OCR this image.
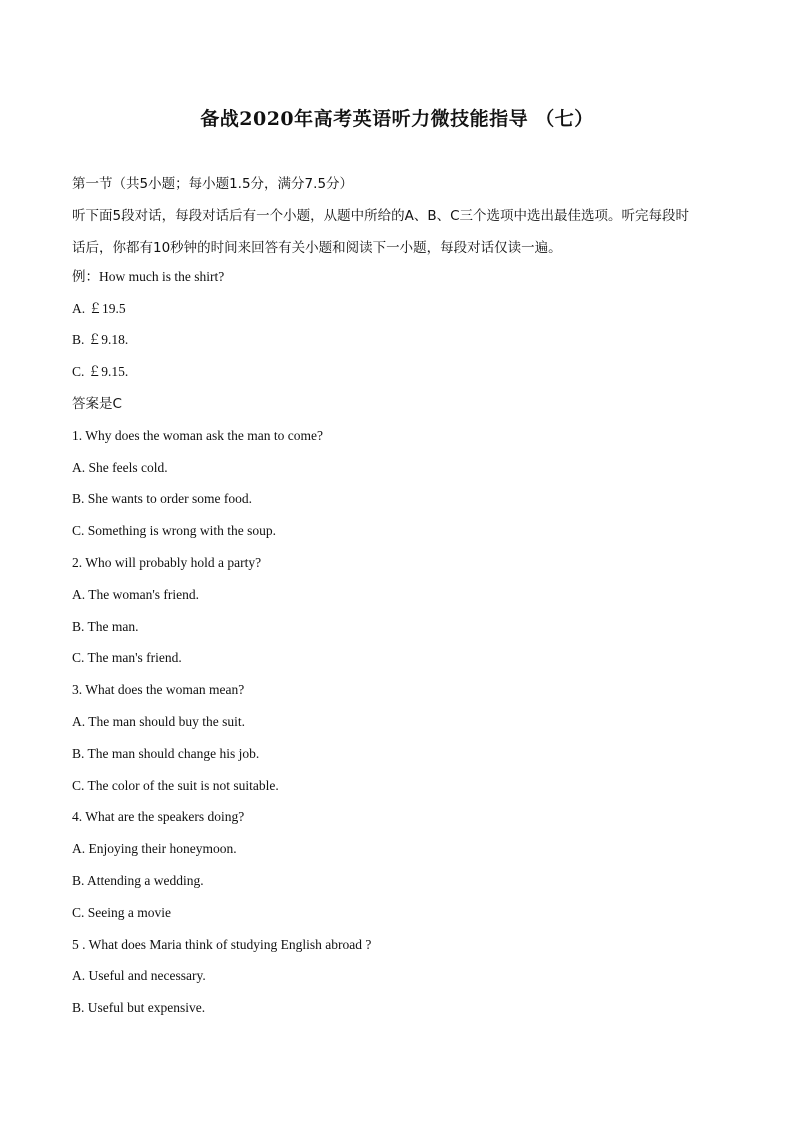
备战2020年高考英语听力微技能指导 （七）
第一节（共5小题；每小题1.5分，满分7.5分）
听下面5段对话，每段对话后有一个小题，从题中所给的A、B、C三个选项中选出最佳选项。听完每段时
话后，你都有10秒钟的时间来回答有关小题和阅读下一小题，每段对话仅读一遍。
例：How much is the shirt?
A. ￡19.5
B. ￡9.18.
C. ￡9.15.
答案是C
1. Why does the woman ask the man to come?
A. She feels cold.
B. She wants to order some food.
C. Something is wrong with the soup.
2. Who will probably hold a party?
A. The woman's friend.
B. The man.
C. The man's friend.
3. What does the woman mean?
A. The man should buy the suit.
B. The man should change his job.
C. The color of the suit is not suitable.
4. What are the speakers doing?
A. Enjoying their honeymoon.
B. Attending a wedding.
C. Seeing a movie
5 . What does Maria think of studying English abroad ?
A. Useful and necessary.
B. Useful but expensive.
